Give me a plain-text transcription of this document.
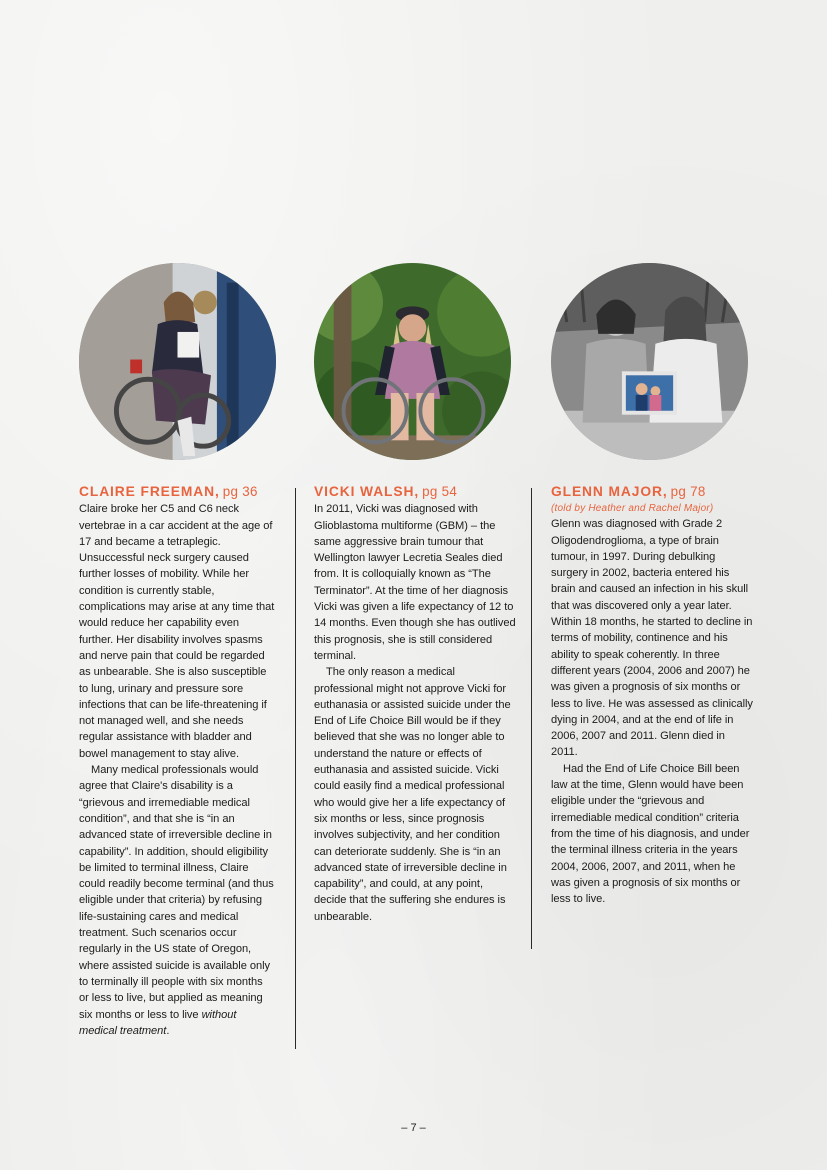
CLAIRE FREEMAN, pg 36

Claire broke her C5 and C6 neck vertebrae in a car accident at the age of 17 and became a tetraplegic. Unsuccessful neck surgery caused further losses of mobility. While her condition is currently stable, complications may arise at any time that would reduce her capability even further. Her disability involves spasms and nerve pain that could be regarded as unbearable. She is also susceptible to lung, urinary and pressure sore infections that can be life-threatening if not managed well, and she needs regular assistance with bladder and bowel management to stay alive.

Many medical professionals would agree that Claire's disability is a “grievous and irremediable medical condition”, and that she is “in an advanced state of irreversible decline in capability”. In addition, should eligibility be limited to terminal illness, Claire could readily become terminal (and thus eligible under that criteria) by refusing life-sustaining cares and medical treatment. Such scenarios occur regularly in the US state of Oregon, where assisted suicide is available only to terminally ill people with six months or less to live, but applied as meaning six months or less to live without medical treatment.

VICKI WALSH, pg 54

In 2011, Vicki was diagnosed with Glioblastoma multiforme (GBM) – the same aggressive brain tumour that Wellington lawyer Lecretia Seales died from. It is colloquially known as “The Terminator”. At the time of her diagnosis Vicki was given a life expectancy of 12 to 14 months. Even though she has outlived this prognosis, she is still considered terminal.

The only reason a medical professional might not approve Vicki for euthanasia or assisted suicide under the End of Life Choice Bill would be if they believed that she was no longer able to understand the nature or effects of euthanasia and assisted suicide. Vicki could easily find a medical professional who would give her a life expectancy of six months or less, since prognosis involves subjectivity, and her condition can deteriorate suddenly. She is “in an advanced state of irreversible decline in capability”, and could, at any point, decide that the suffering she endures is unbearable.

GLENN MAJOR, pg 78
(told by Heather and Rachel Major)

Glenn was diagnosed with Grade 2 Oligodendroglioma, a type of brain tumour, in 1997. During debulking surgery in 2002, bacteria entered his brain and caused an infection in his skull that was discovered only a year later. Within 18 months, he started to decline in terms of mobility, continence and his ability to speak coherently. In three different years (2004, 2006 and 2007) he was given a prognosis of six months or less to live. He was assessed as clinically dying in 2004, and at the end of life in 2006, 2007 and 2011. Glenn died in 2011.

Had the End of Life Choice Bill been law at the time, Glenn would have been eligible under the “grievous and irremediable medical condition” criteria from the time of his diagnosis, and under the terminal illness criteria in the years 2004, 2006, 2007, and 2011, when he was given a prognosis of six months or less to live.

– 7 –
